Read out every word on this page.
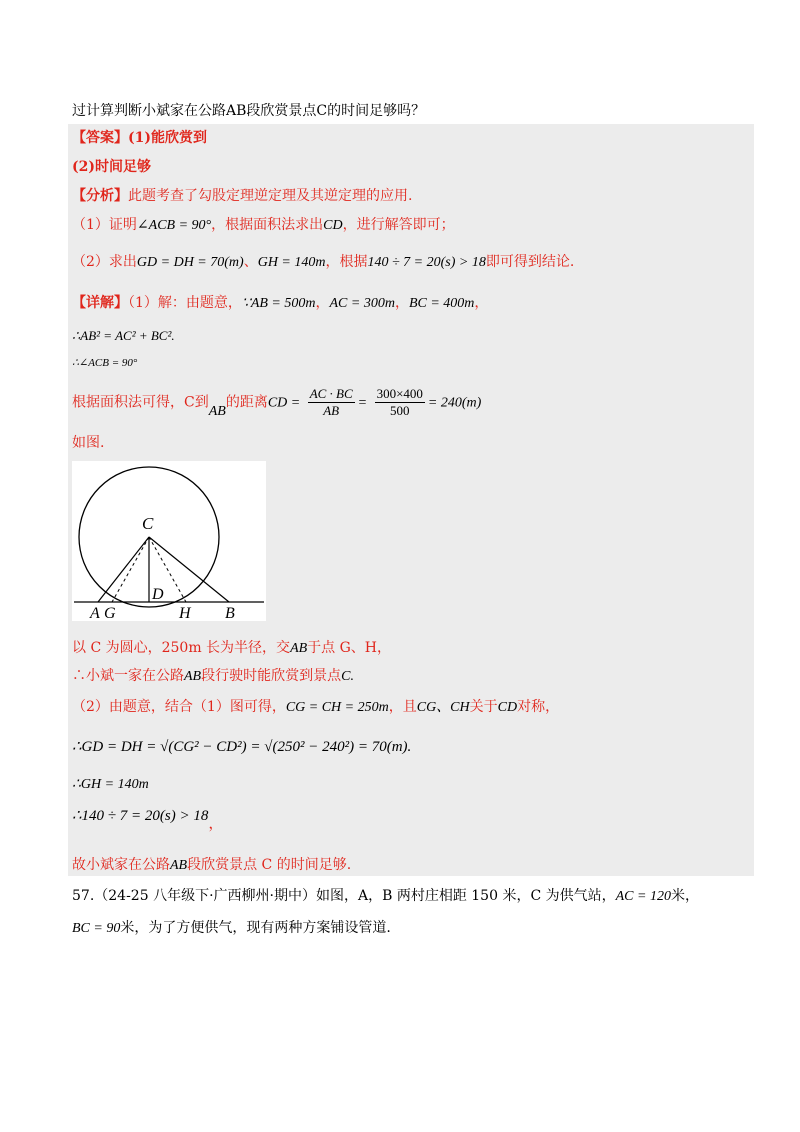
过计算判断小斌家在公路AB段欣赏景点C的时间足够吗？
【答案】(1)能欣赏到
(2)时间足够
【分析】此题考查了勾股定理逆定理及其逆定理的应用.
（1）证明∠ACB = 90°，根据面积法求出CD，进行解答即可；
（2）求出GD = DH = 70(m)、GH = 140m，根据140 ÷ 7 = 20(s) > 18即可得到结论.
【详解】（1）解：由题意，∵AB = 500m，AC = 300m，BC = 400m，
∴AB² = AC² + BC².
∴∠ACB = 90°
根据面积法可得，C到AB的距离CD = $\frac{AC \cdot BC}{AB} = \frac{300\times 400}{500} = 240(m)$
如图.
C
D
A G	H B
以 C 为圆心，250m 长为半径，交AB于点 G、H，
∴小斌一家在公路AB段行驶时能欣赏到景点C.
（2）由题意，结合（1）图可得，CG = CH = 250m，且CG、CH关于CD对称，
∴GD = DH = √(CG² − CD²) = √(250² − 240²) = 70(m).
∴GH = 140m
∴140 ÷ 7 = 20(s) > 18，
故小斌家在公路AB段欣赏景点 C 的时间足够.
57.（24-25 八年级下·广西柳州·期中）如图，A，B 两村庄相距 150 米，C 为供气站，AC = 120米，
BC = 90米，为了方便供气，现有两种方案铺设管道.
